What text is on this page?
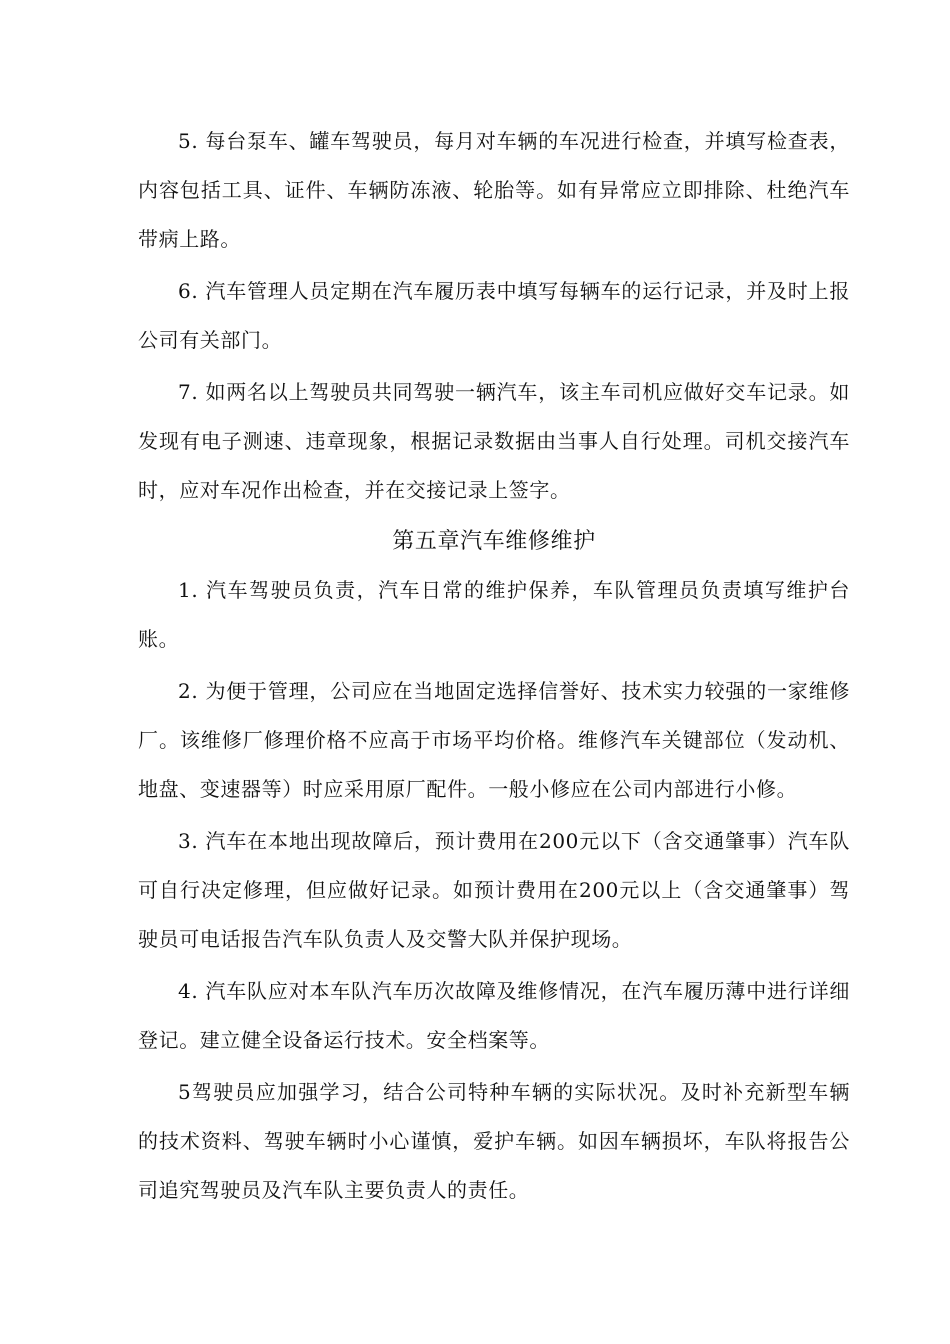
5. 每台泵车、罐车驾驶员，每月对车辆的车况进行检查，并填写检查表，内容包括工具、证件、车辆防冻液、轮胎等。如有异常应立即排除、杜绝汽车带病上路。

6. 汽车管理人员定期在汽车履历表中填写每辆车的运行记录，并及时上报公司有关部门。

7. 如两名以上驾驶员共同驾驶一辆汽车，该主车司机应做好交车记录。如发现有电子测速、违章现象，根据记录数据由当事人自行处理。司机交接汽车时，应对车况作出检查，并在交接记录上签字。

第五章汽车维修维护

1. 汽车驾驶员负责，汽车日常的维护保养，车队管理员负责填写维护台账。

2. 为便于管理，公司应在当地固定选择信誉好、技术实力较强的一家维修厂。该维修厂修理价格不应高于市场平均价格。维修汽车关键部位（发动机、地盘、变速器等）时应采用原厂配件。一般小修应在公司内部进行小修。

3. 汽车在本地出现故障后，预计费用在200元以下（含交通肇事）汽车队可自行决定修理，但应做好记录。如预计费用在200元以上（含交通肇事）驾驶员可电话报告汽车队负责人及交警大队并保护现场。

4. 汽车队应对本车队汽车历次故障及维修情况，在汽车履历薄中进行详细登记。建立健全设备运行技术。安全档案等。

5驾驶员应加强学习，结合公司特种车辆的实际状况。及时补充新型车辆的技术资料、驾驶车辆时小心谨慎，爱护车辆。如因车辆损坏，车队将报告公司追究驾驶员及汽车队主要负责人的责任。
